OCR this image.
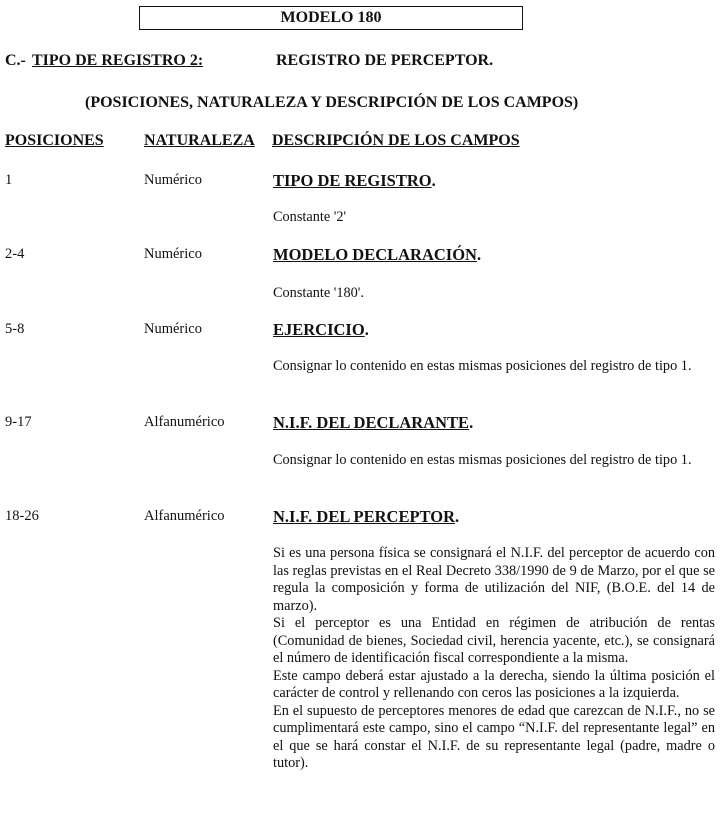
MODELO 180
C.- TIPO DE REGISTRO 2:	REGISTRO DE PERCEPTOR.
(POSICIONES, NATURALEZA Y DESCRIPCIÓN DE LOS CAMPOS)
POSICIONES	NATURALEZA DESCRIPCIÓN DE LOS CAMPOS
1	Numérico	TIPO DE REGISTRO.

Constante '2'

2-4	Numérico	MODELO DECLARACIÓN.

Constante '180'.

5-8	Numérico	EJERCICIO.

Consignar lo contenido en estas mismas posiciones del registro de tipo 1.

9-17	Alfanumérico	N.I.F. DEL DECLARANTE.

Consignar lo contenido en estas mismas posiciones del registro de tipo 1.

18-26	Alfanumérico	N.I.F. DEL PERCEPTOR.

Si es una persona física se consignará el N.I.F. del perceptor de acuerdo con las reglas previstas en el Real Decreto 338/1990 de 9 de Marzo, por el que se regula la composición y forma de utilización del NIF, (B.O.E. del 14 de marzo).

Si el perceptor es una Entidad en régimen de atribución de rentas (Comunidad de bienes, Sociedad civil, herencia yacente, etc.), se consignará el número de identificación fiscal correspondiente a la misma.

Este campo deberá estar ajustado a la derecha, siendo la última posición el carácter de control y rellenando con ceros las posiciones a la izquierda.

En el supuesto de perceptores menores de edad que carezcan de N.I.F., no se cumplimentará este campo, sino el campo “N.I.F. del representante legal” en el que se hará constar el N.I.F. de su representante legal (padre, madre o tutor).
